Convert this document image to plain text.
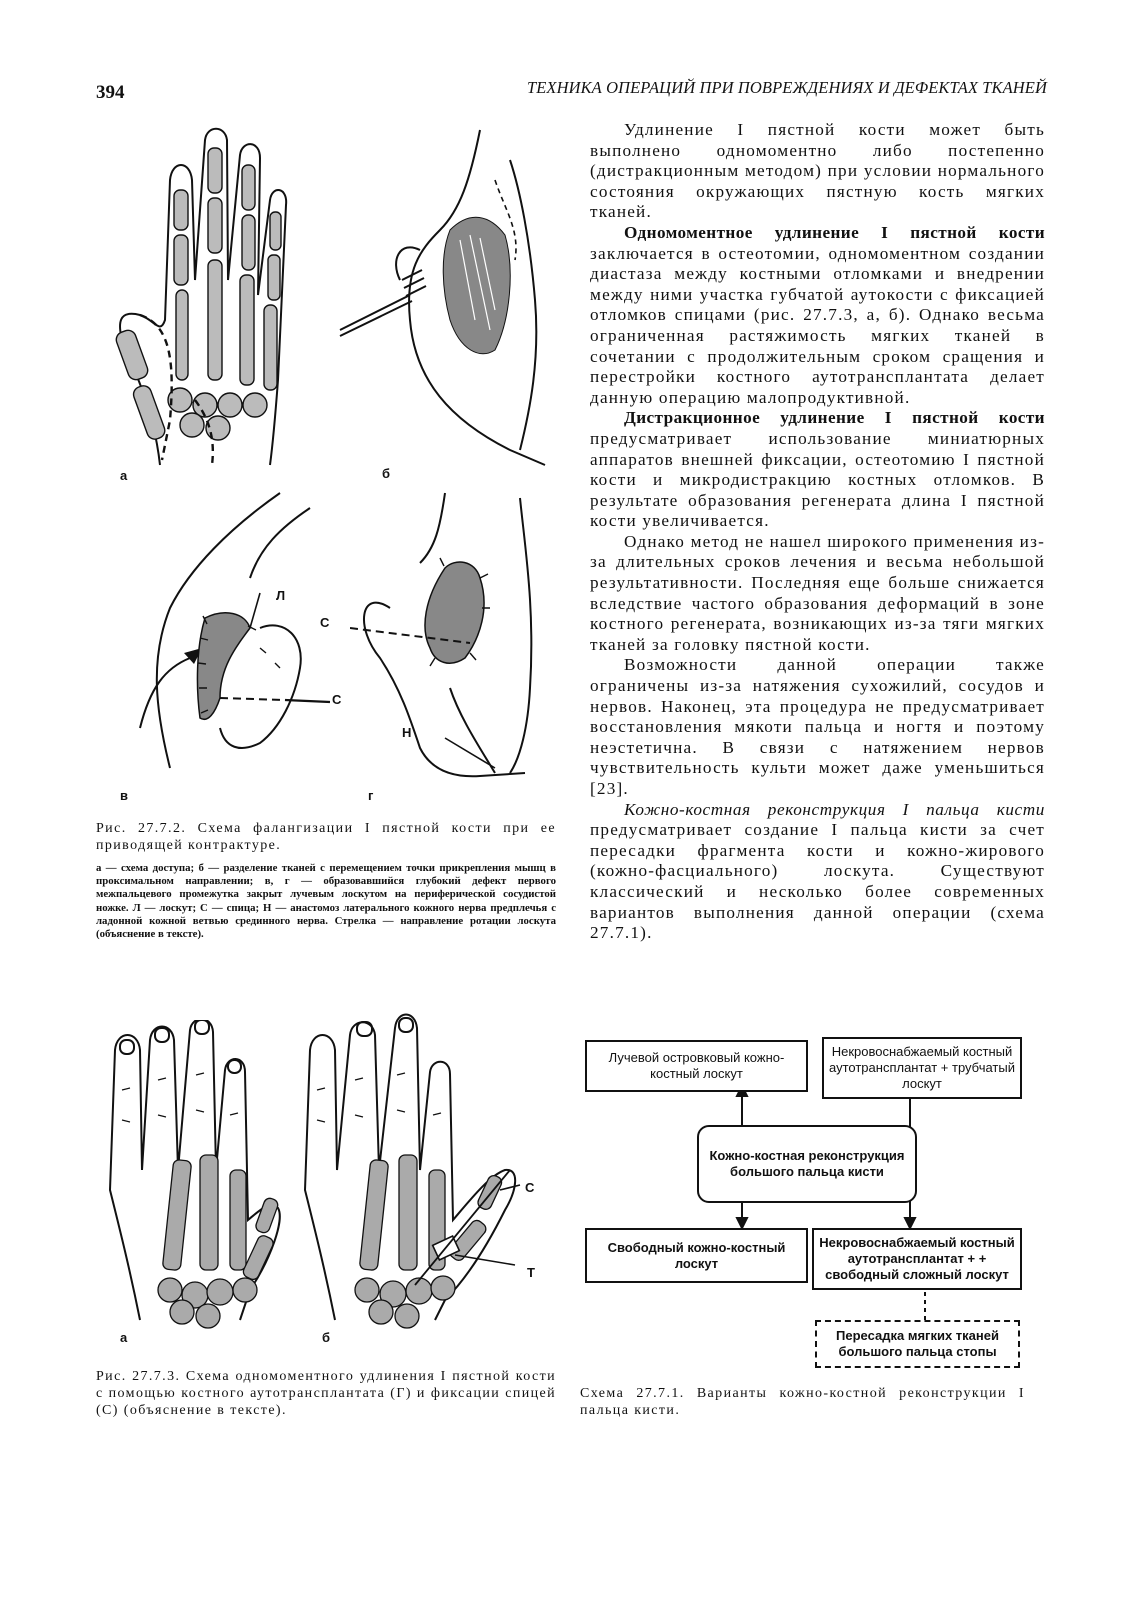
394	ТЕХНИКА ОПЕРАЦИЙ ПРИ ПОВРЕЖДЕНИЯХ И ДЕФЕКТАХ ТКАНЕЙ
а	б
Л
С
в
С
Н
г
Рис. 27.7.2. Схема фалангизации I пястной кости при ее приводящей контрактуре.
а — схема доступа; б — разделение тканей с перемещением точки прикрепления мышц в проксимальном направлении; в, г — образовавшийся глубокий дефект первого межпальцевого промежутка закрыт лучевым лоскутом на периферической сосудистой ножке. Л — лоскут; С — спица; Н — анастомоз латерального кожного нерва предплечья с ладонной кожной ветвью срединного нерва. Стрелка — направление ротации лоскута (объяснение в тексте).
а
С
Т
б
Рис. 27.7.3. Схема одномоментного удлинения I пястной кости с помощью костного аутотрансплантата (Г) и фиксации спицей (С) (объяснение в тексте).

Удлинение I пястной кости может быть выполнено одномоментно либо постепенно (дистракционным методом) при условии нормального состояния окружающих пястную кость мягких тканей.

Одномоментное удлинение I пястной кости заключается в остеотомии, одномоментном создании диастаза между костными отломками и внедрении между ними участка губчатой аутокости с фиксацией отломков спицами (рис. 27.7.3, а, б). Однако весьма ограниченная растяжимость мягких тканей в сочетании с продолжительным сроком сращения и перестройки костного аутотрансплантата делает данную операцию малопродуктивной.

Дистракционное удлинение I пястной кости предусматривает использование миниатюрных аппаратов внешней фиксации, остеотомию I пястной кости и микродистракцию костных отломков. В результате образования регенерата длина I пястной кости увеличивается.

Однако метод не нашел широкого применения из-за длительных сроков лечения и весьма небольшой результативности. Последняя еще больше снижается вследствие частого образования деформаций в зоне костного регенерата, возникающих из-за тяги мягких тканей за головку пястной кости.

Возможности данной операции также ограничены из-за натяжения сухожилий, сосудов и нервов. Наконец, эта процедура не предусматривает восстановления мякоти пальца и ногтя и поэтому неэстетична. В связи с натяжением нервов чувствительность культи может даже уменьшиться [23].

Кожно-костная реконструкция I пальца кисти предусматривает создание I пальца кисти за счет пересадки фрагмента кости и кожно-жирового (кожно-фасциального) лоскута. Существуют классический и несколько более современных вариантов выполнения данной операции (схема 27.7.1).

Лучевой островковый кожно-костный лоскут
Некровоснабжаемый костный аутотрансплантат + трубчатый лоскут
Кожно-костная реконструкция большого пальца кисти
Свободный кожно-костный лоскут
Некровоснабжаемый костный аутотрансплантат + + свободный сложный лоскут
Пересадка мягких тканей большого пальца стопы
Схема 27.7.1. Варианты кожно-костной реконструкции I пальца кисти.
